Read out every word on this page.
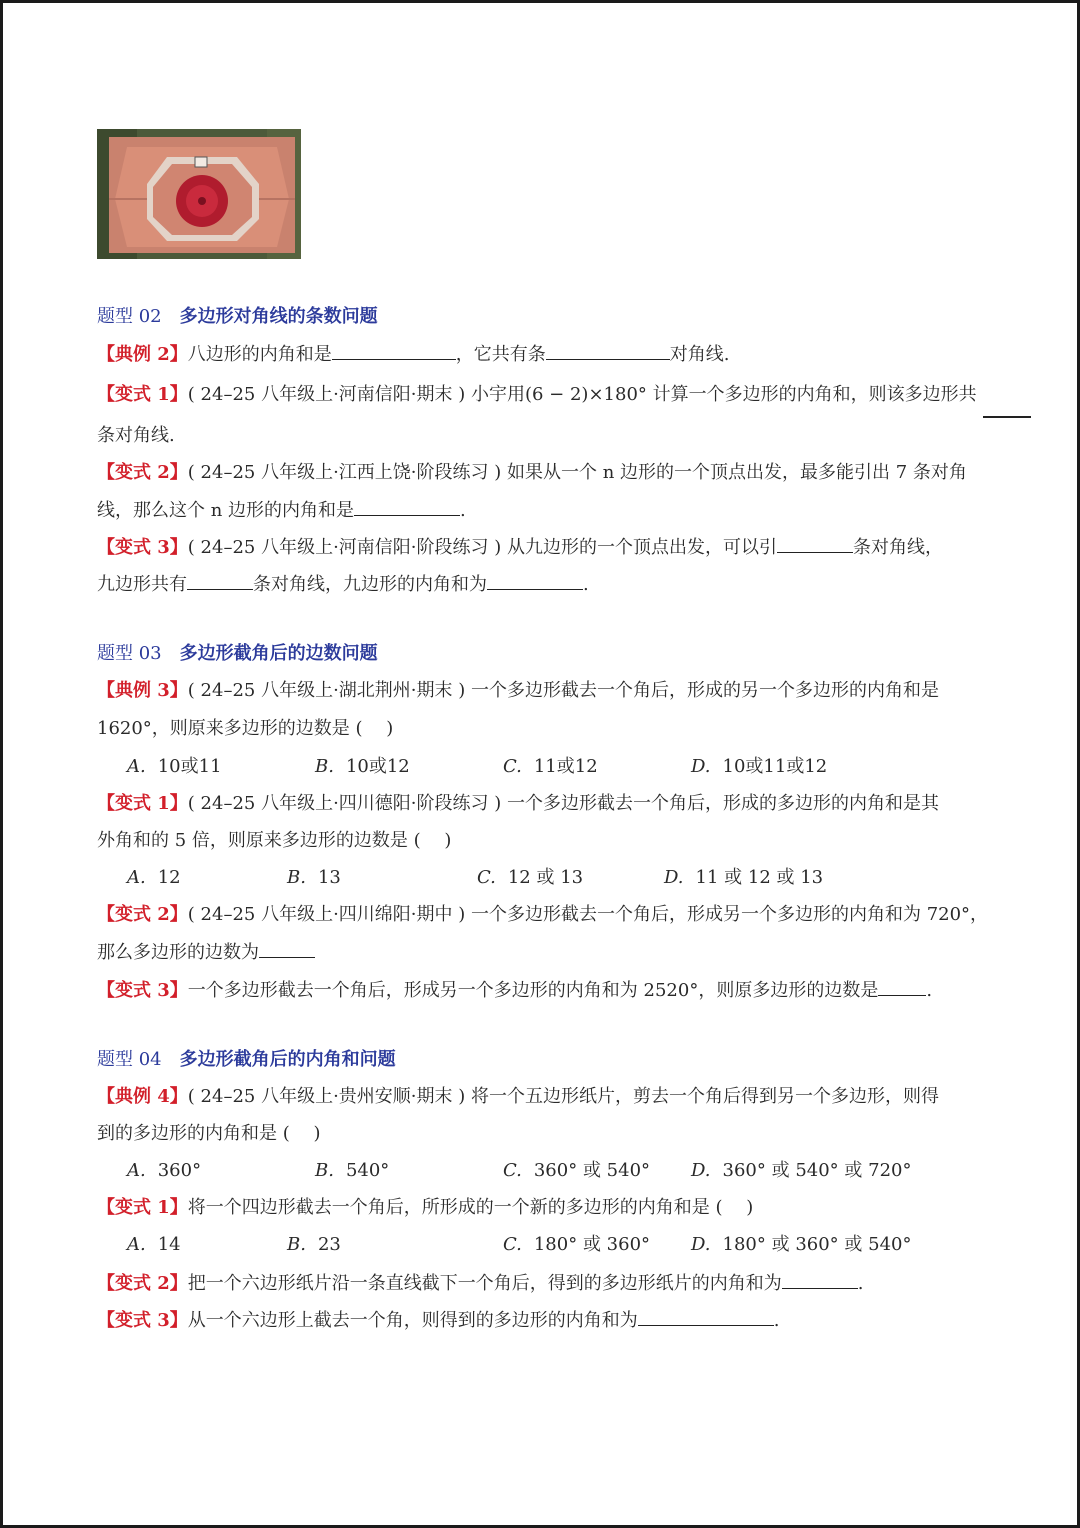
题型 02 多边形对角线的条数问题
【典例 2】八边形的内角和是	，它共有条	对角线.
【变式 1】( 24–25 八年级上·河南信阳·期末 ) 小宇用(6 − 2)×180° 计算一个多边形的内角和，则该多边形共
条对角线.
【变式 2】( 24–25 八年级上·江西上饶·阶段练习 ) 如果从一个 n 边形的一个顶点出发，最多能引出 7 条对角
线，那么这个 n 边形的内角和是	.
【变式 3】( 24–25 八年级上·河南信阳·阶段练习 ) 从九边形的一个顶点出发，可以引	条对角线，
九边形共有	条对角线，九边形的内角和为	.
题型 03 多边形截角后的边数问题
【典例 3】( 24–25 八年级上·湖北荆州·期末 ) 一个多边形截去一个角后，形成的另一个多边形的内角和是
1620°，则原来多边形的边数是 (　 )
A. 10或11	B. 10或12	C. 11或12	D. 10或11或12
【变式 1】( 24–25 八年级上·四川德阳·阶段练习 ) 一个多边形截去一个角后，形成的多边形的内角和是其
外角和的 5 倍，则原来多边形的边数是 (　 )
A. 12	B. 13	C. 12 或 13	D. 11 或 12 或 13
【变式 2】( 24–25 八年级上·四川绵阳·期中 ) 一个多边形截去一个角后，形成另一个多边形的内角和为 720°，
那么多边形的边数为
【变式 3】一个多边形截去一个角后，形成另一个多边形的内角和为 2520°，则原多边形的边数是	.
题型 04 多边形截角后的内角和问题
【典例 4】( 24–25 八年级上·贵州安顺·期末 ) 将一个五边形纸片，剪去一个角后得到另一个多边形，则得
到的多边形的内角和是 (　 )
A. 360°	B. 540°	C. 360° 或 540° D. 360° 或 540° 或 720°
【变式 1】将一个四边形截去一个角后，所形成的一个新的多边形的内角和是 (　 )
A. 14	B. 23	C. 180° 或 360° D. 180° 或 360° 或 540°
【变式 2】把一个六边形纸片沿一条直线截下一个角后，得到的多边形纸片的内角和为	.
【变式 3】从一个六边形上截去一个角，则得到的多边形的内角和为	.
